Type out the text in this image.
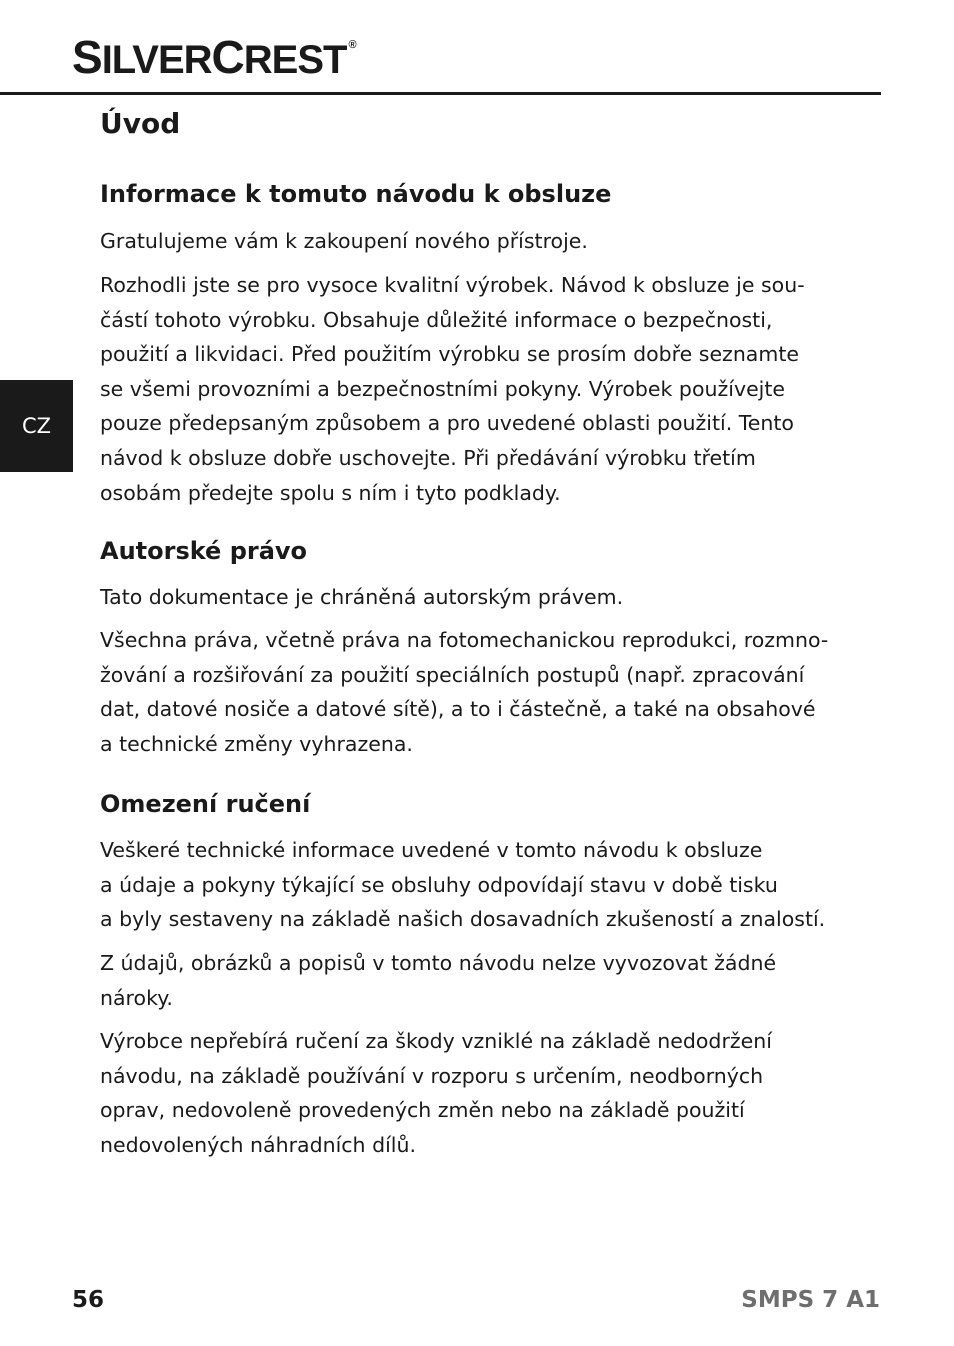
SILVERCREST ®
CZ
Úvod
Informace k tomuto návodu k obsluze
Gratulujeme vám k zakoupení nového přístroje.
Rozhodli jste se pro vysoce kvalitní výrobek. Návod k obsluze je sou-
částí tohoto výrobku. Obsahuje důležité informace o bezpečnosti,
použití a likvidaci. Před použitím výrobku se prosím dobře seznamte
se všemi provozními a bezpečnostními pokyny. Výrobek používejte
pouze předepsaným způsobem a pro uvedené oblasti použití. Tento
návod k obsluze dobře uschovejte. Při předávání výrobku třetím
osobám předejte spolu s ním i tyto podklady.
Autorské právo
Tato dokumentace je chráněná autorským právem.
Všechna práva, včetně práva na fotomechanickou reprodukci, rozmno-
žování a rozšiřování za použití speciálních postupů (např. zpracování
dat, datové nosiče a datové sítě), a to i částečně, a také na obsahové
a technické změny vyhrazena.
Omezení ručení
Veškeré technické informace uvedené v tomto návodu k obsluze
a údaje a pokyny týkající se obsluhy odpovídají stavu v době tisku
a byly sestaveny na základě našich dosavadních zkušeností a znalostí.
Z údajů, obrázků a popisů v tomto návodu nelze vyvozovat žádné
nároky.
Výrobce nepřebírá ručení za škody vzniklé na základě nedodržení
návodu, na základě používání v rozporu s určením, neodborných
oprav, nedovoleně provedených změn nebo na základě použití
nedovolených náhradních dílů.
56	SMPS 7 A1
